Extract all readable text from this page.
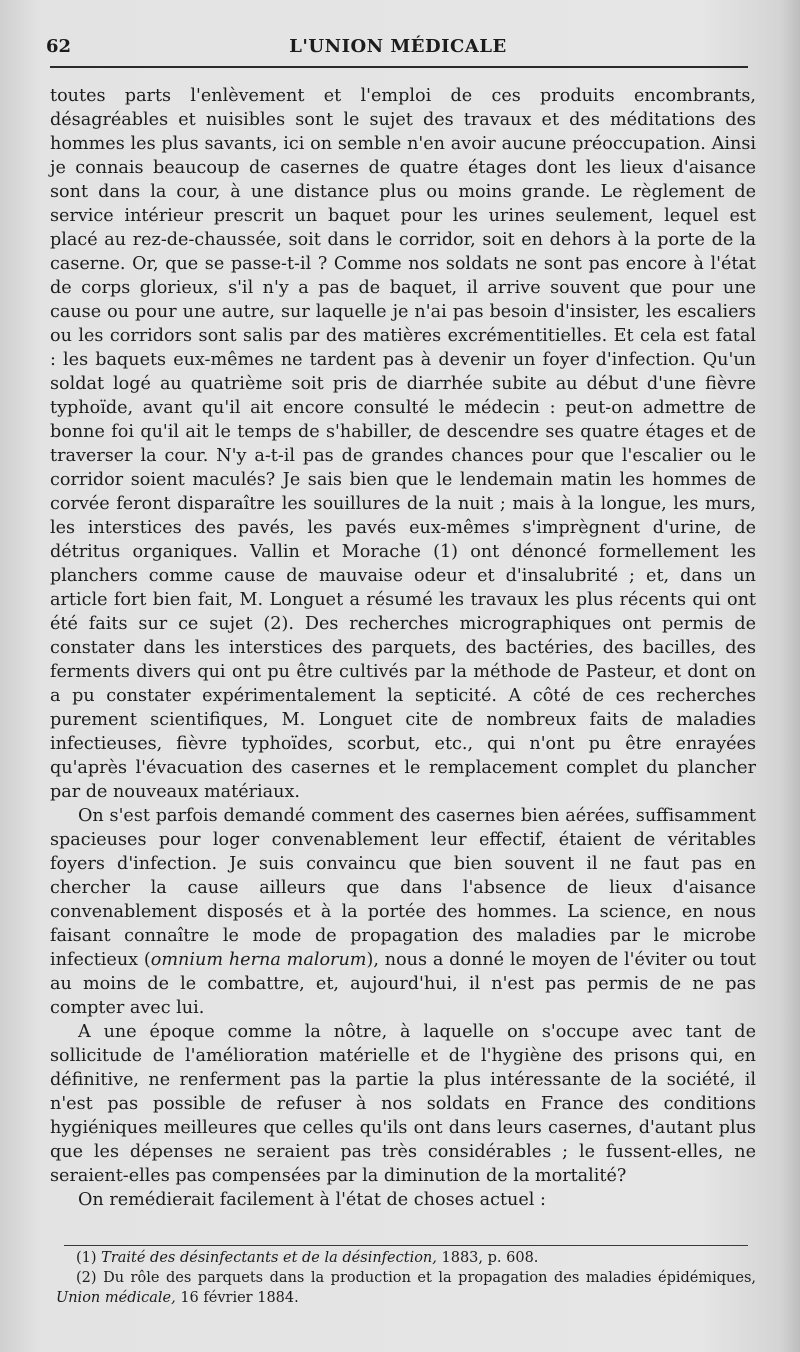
62	L'UNION MÉDICALE

toutes parts l'enlèvement et l'emploi de ces produits encombrants, désagréables et nuisibles sont le sujet des travaux et des méditations des hommes les plus savants, ici on semble n'en avoir aucune préoccupation. Ainsi je connais beaucoup de casernes de quatre étages dont les lieux d'aisance sont dans la cour, à une distance plus ou moins grande. Le règlement de service intérieur prescrit un baquet pour les urines seulement, lequel est placé au rez-de-chaussée, soit dans le corridor, soit en dehors à la porte de la caserne. Or, que se passe-t-il ? Comme nos soldats ne sont pas encore à l'état de corps glorieux, s'il n'y a pas de baquet, il arrive souvent que pour une cause ou pour une autre, sur laquelle je n'ai pas besoin d'insister, les escaliers ou les corridors sont salis par des matières excrémentitielles. Et cela est fatal : les baquets eux-mêmes ne tardent pas à devenir un foyer d'infection. Qu'un soldat logé au quatrième soit pris de diarrhée subite au début d'une fièvre typhoïde, avant qu'il ait encore consulté le médecin : peut-on admettre de bonne foi qu'il ait le temps de s'habiller, de descendre ses quatre étages et de traverser la cour. N'y a-t-il pas de grandes chances pour que l'escalier ou le corridor soient maculés? Je sais bien que le lendemain matin les hommes de corvée feront disparaître les souillures de la nuit ; mais à la longue, les murs, les interstices des pavés, les pavés eux-mêmes s'imprègnent d'urine, de détritus organiques. Vallin et Morache (1) ont dénoncé formellement les planchers comme cause de mauvaise odeur et d'insalubrité ; et, dans un article fort bien fait, M. Longuet a résumé les travaux les plus récents qui ont été faits sur ce sujet (2). Des recherches micrographiques ont permis de constater dans les interstices des parquets, des bactéries, des bacilles, des ferments divers qui ont pu être cultivés par la méthode de Pasteur, et dont on a pu constater expérimentalement la septicité. A côté de ces recherches purement scientifiques, M. Longuet cite de nombreux faits de maladies infectieuses, fièvre typhoïdes, scorbut, etc., qui n'ont pu être enrayées qu'après l'évacuation des casernes et le remplacement complet du plancher par de nouveaux matériaux.

On s'est parfois demandé comment des casernes bien aérées, suffisamment spacieuses pour loger convenablement leur effectif, étaient de véritables foyers d'infection. Je suis convaincu que bien souvent il ne faut pas en chercher la cause ailleurs que dans l'absence de lieux d'aisance convenablement disposés et à la portée des hommes. La science, en nous faisant connaître le mode de propagation des maladies par le microbe infectieux (omnium herna malorum), nous a donné le moyen de l'éviter ou tout au moins de le combattre, et, aujourd'hui, il n'est pas permis de ne pas compter avec lui.

A une époque comme la nôtre, à laquelle on s'occupe avec tant de sollicitude de l'amélioration matérielle et de l'hygiène des prisons qui, en définitive, ne renferment pas la partie la plus intéressante de la société, il n'est pas possible de refuser à nos soldats en France des conditions hygiéniques meilleures que celles qu'ils ont dans leurs casernes, d'autant plus que les dépenses ne seraient pas très considérables ; le fussent-elles, ne seraient-elles pas compensées par la diminution de la mortalité?

On remédierait facilement à l'état de choses actuel :

(1) Traité des désinfectants et de la désinfection, 1883, p. 608.

(2) Du rôle des parquets dans la production et la propagation des maladies épidémiques, Union médicale, 16 février 1884.
